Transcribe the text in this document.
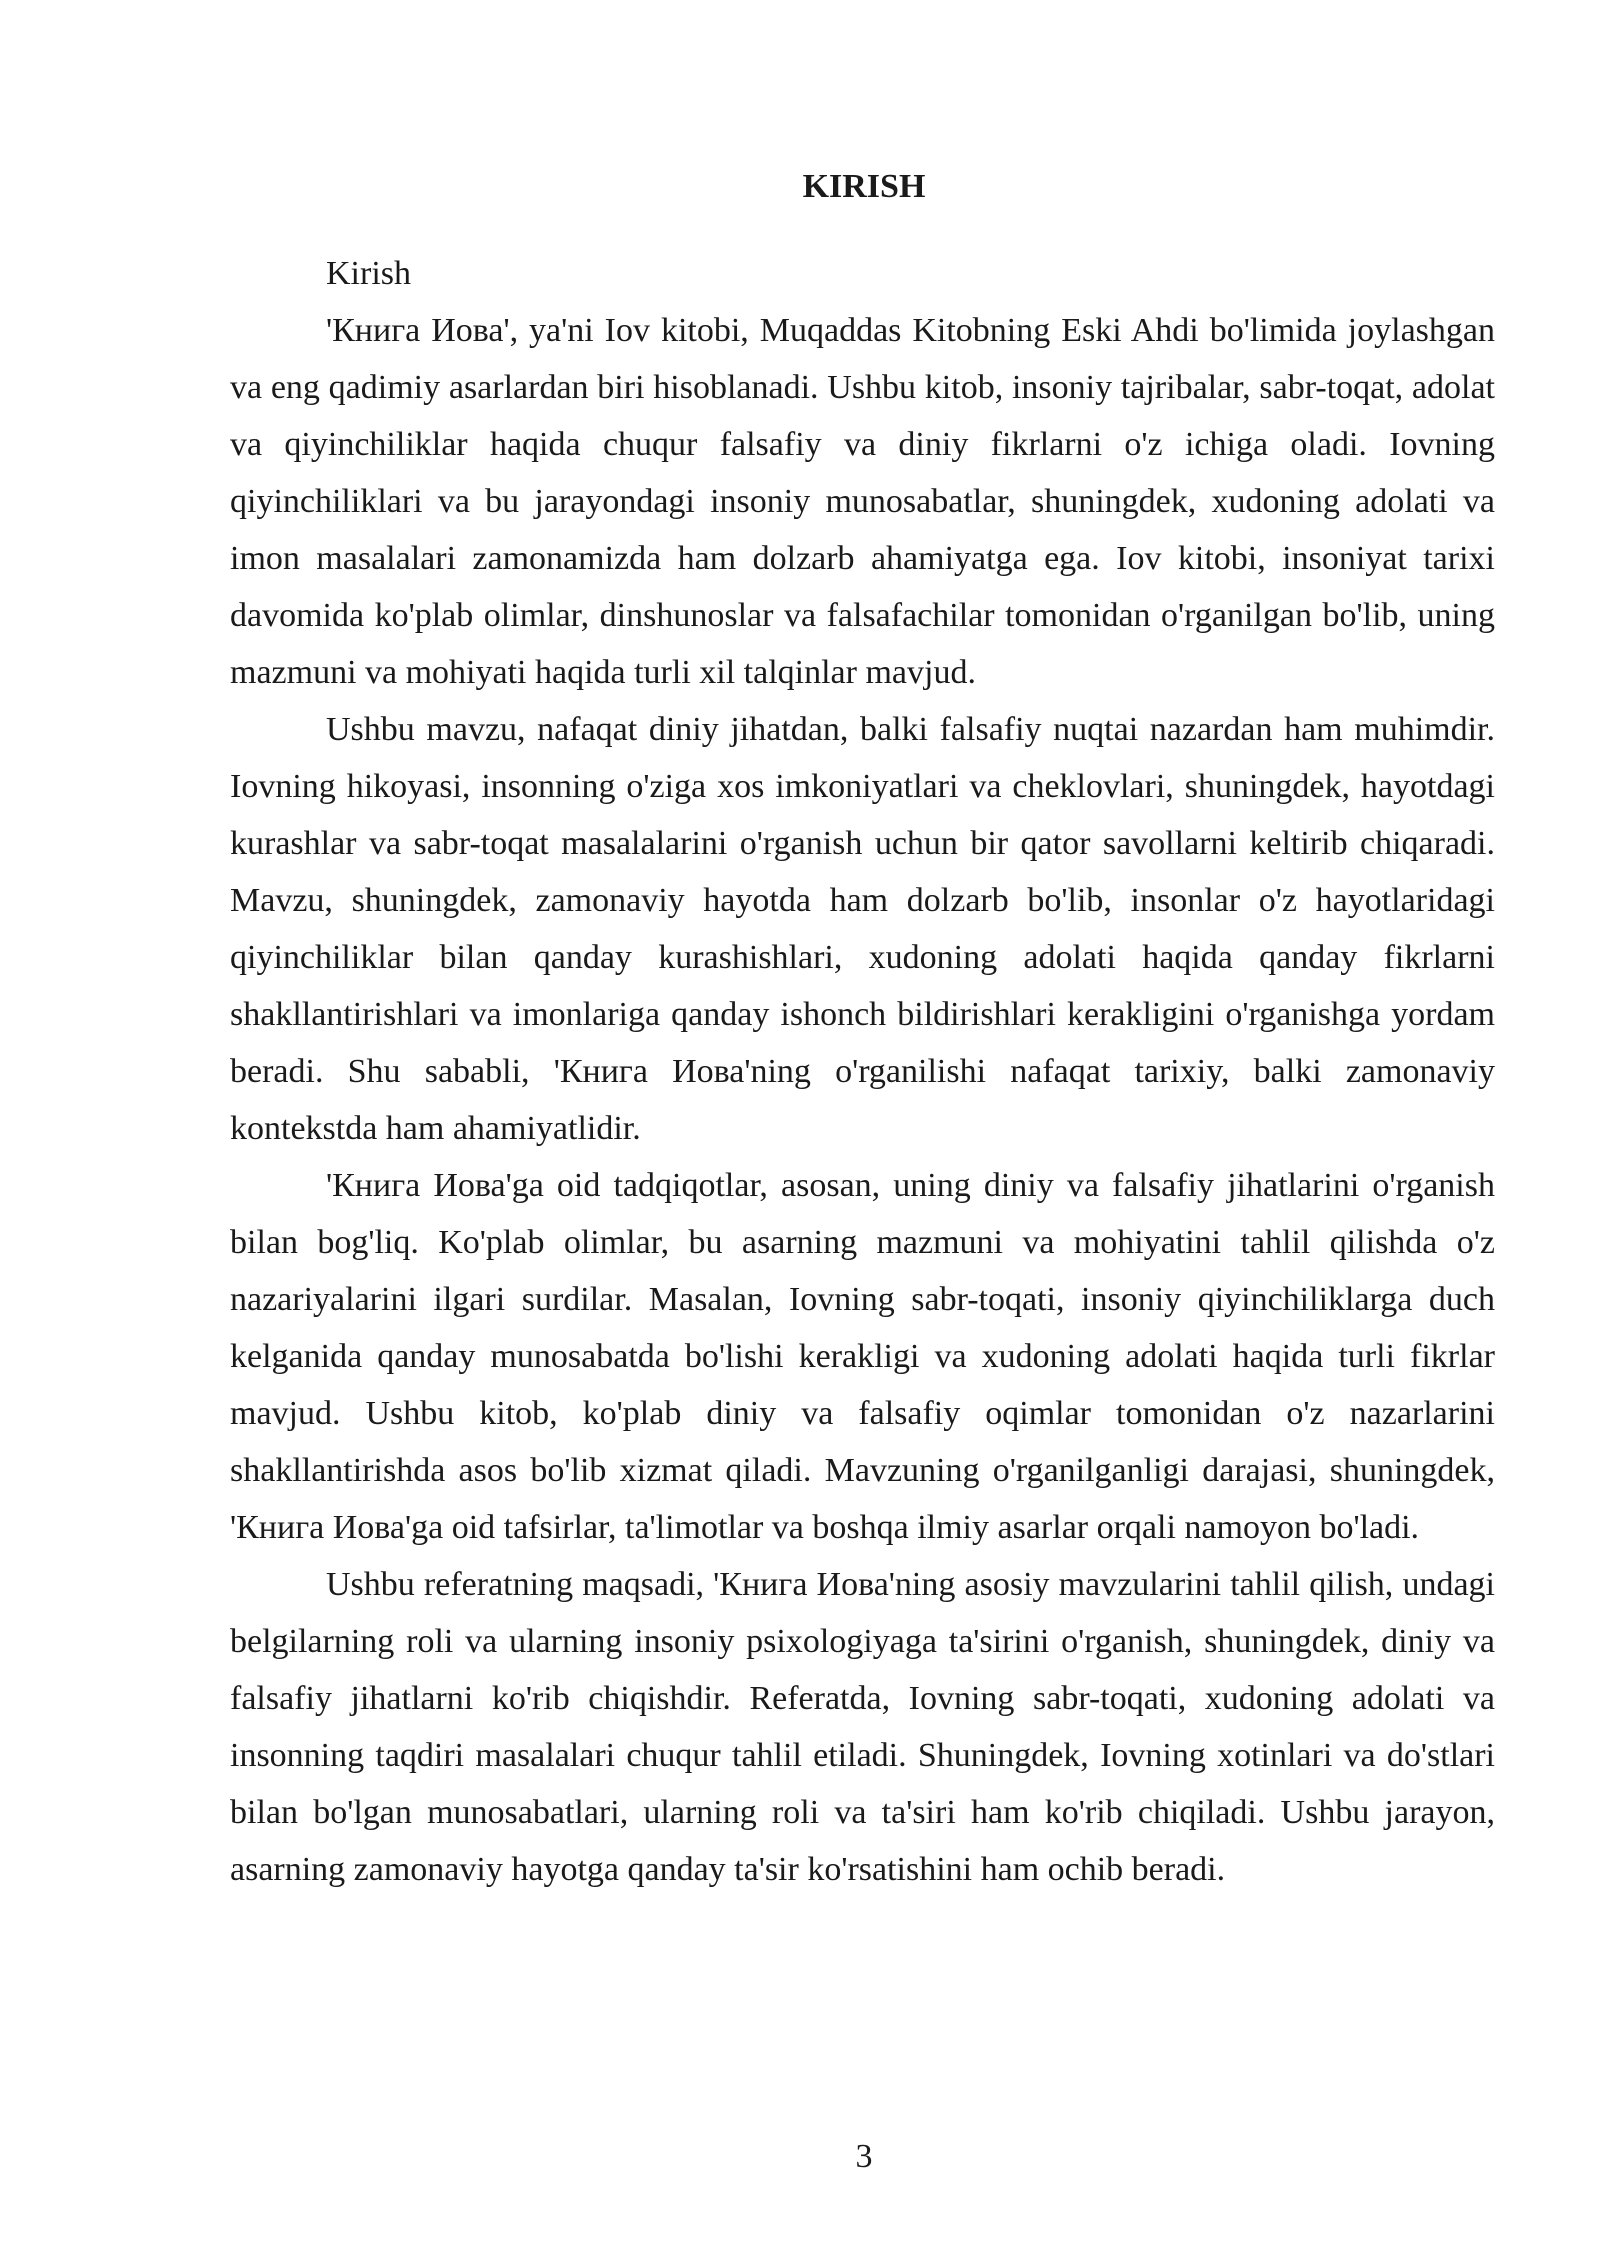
KIRISH

Kirish

'Книга Иова', ya'ni Iov kitobi, Muqaddas Kitobning Eski Ahdi bo'limida joylashgan va eng qadimiy asarlardan biri hisoblanadi. Ushbu kitob, insoniy tajribalar, sabr-toqat, adolat va qiyinchiliklar haqida chuqur falsafiy va diniy fikrlarni o'z ichiga oladi. Iovning qiyinchiliklari va bu jarayondagi insoniy munosabatlar, shuningdek, xudoning adolati va imon masalalari zamonamizda ham dolzarb ahamiyatga ega. Iov kitobi, insoniyat tarixi davomida ko'plab olimlar, dinshunoslar va falsafachilar tomonidan o'rganilgan bo'lib, uning mazmuni va mohiyati haqida turli xil talqinlar mavjud.

Ushbu mavzu, nafaqat diniy jihatdan, balki falsafiy nuqtai nazardan ham muhimdir. Iovning hikoyasi, insonning o'ziga xos imkoniyatlari va cheklovlari, shuningdek, hayotdagi kurashlar va sabr-toqat masalalarini o'rganish uchun bir qator savollarni keltirib chiqaradi. Mavzu, shuningdek, zamonaviy hayotda ham dolzarb bo'lib, insonlar o'z hayotlaridagi qiyinchiliklar bilan qanday kurashishlari, xudoning adolati haqida qanday fikrlarni shakllantirishlari va imonlariga qanday ishonch bildirishlari kerakligini o'rganishga yordam beradi. Shu sababli, 'Книга Иова'ning o'rganilishi nafaqat tarixiy, balki zamonaviy kontekstda ham ahamiyatlidir.

'Книга Иова'ga oid tadqiqotlar, asosan, uning diniy va falsafiy jihatlarini o'rganish bilan bog'liq. Ko'plab olimlar, bu asarning mazmuni va mohiyatini tahlil qilishda o'z nazariyalarini ilgari surdilar. Masalan, Iovning sabr-toqati, insoniy qiyinchiliklarga duch kelganida qanday munosabatda bo'lishi kerakligi va xudoning adolati haqida turli fikrlar mavjud. Ushbu kitob, ko'plab diniy va falsafiy oqimlar tomonidan o'z nazarlarini shakllantirishda asos bo'lib xizmat qiladi. Mavzuning o'rganilganligi darajasi, shuningdek, 'Книга Иова'ga oid tafsirlar, ta'limotlar va boshqa ilmiy asarlar orqali namoyon bo'ladi.

Ushbu referatning maqsadi, 'Книга Иова'ning asosiy mavzularini tahlil qilish, undagi belgilarning roli va ularning insoniy psixologiyaga ta'sirini o'rganish, shuningdek, diniy va falsafiy jihatlarni ko'rib chiqishdir. Referatda, Iovning sabr-toqati, xudoning adolati va insonning taqdiri masalalari chuqur tahlil etiladi. Shuningdek, Iovning xotinlari va do'stlari bilan bo'lgan munosabatlari, ularning roli va ta'siri ham ko'rib chiqiladi. Ushbu jarayon, asarning zamonaviy hayotga qanday ta'sir ko'rsatishini ham ochib beradi.

3
